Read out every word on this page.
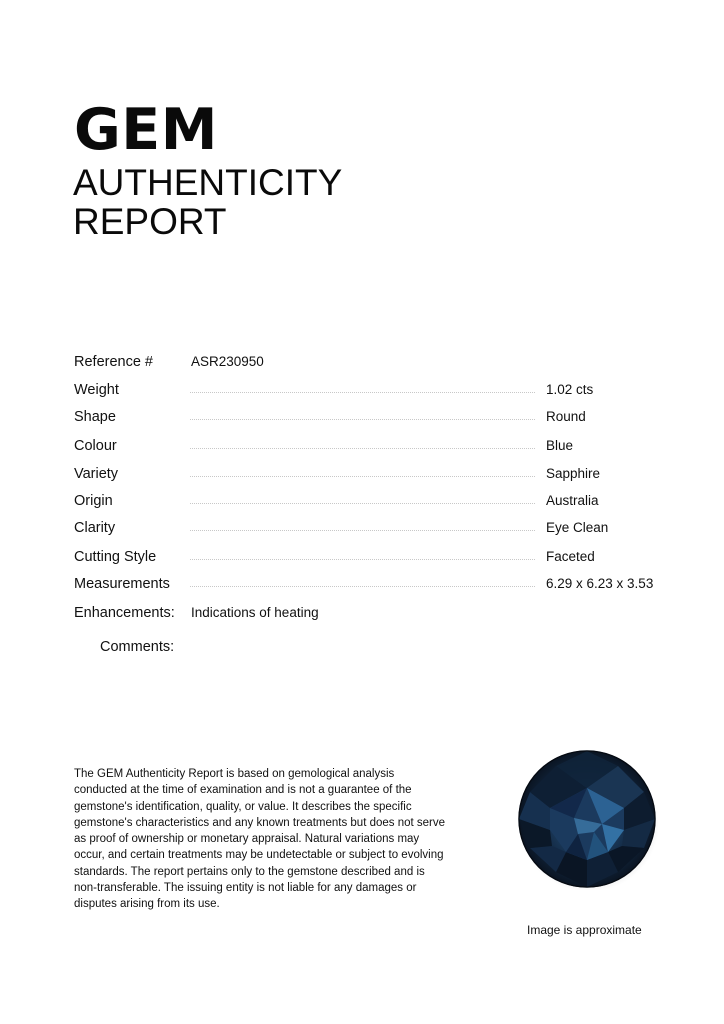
GEM
AUTHENTICITY
REPORT
Reference #	ASR230950
Weight	1.02 cts
Shape	Round
Colour	Blue
Variety	Sapphire
Origin	Australia
Clarity	Eye Clean
Cutting Style	Faceted
Measurements	6.29 x 6.23 x 3.53
Enhancements: Indications of heating
Comments:

The GEM Authenticity Report is based on gemological analysis conducted at the time of examination and is not a guarantee of the gemstone's identification, quality, or value. It describes the specific gemstone's characteristics and any known treatments but does not serve as proof of ownership or monetary appraisal. Natural variations may occur, and certain treatments may be undetectable or subject to evolving standards. The report pertains only to the gemstone described and is non-transferable. The issuing entity is not liable for any damages or disputes arising from its use.

Image is approximate
